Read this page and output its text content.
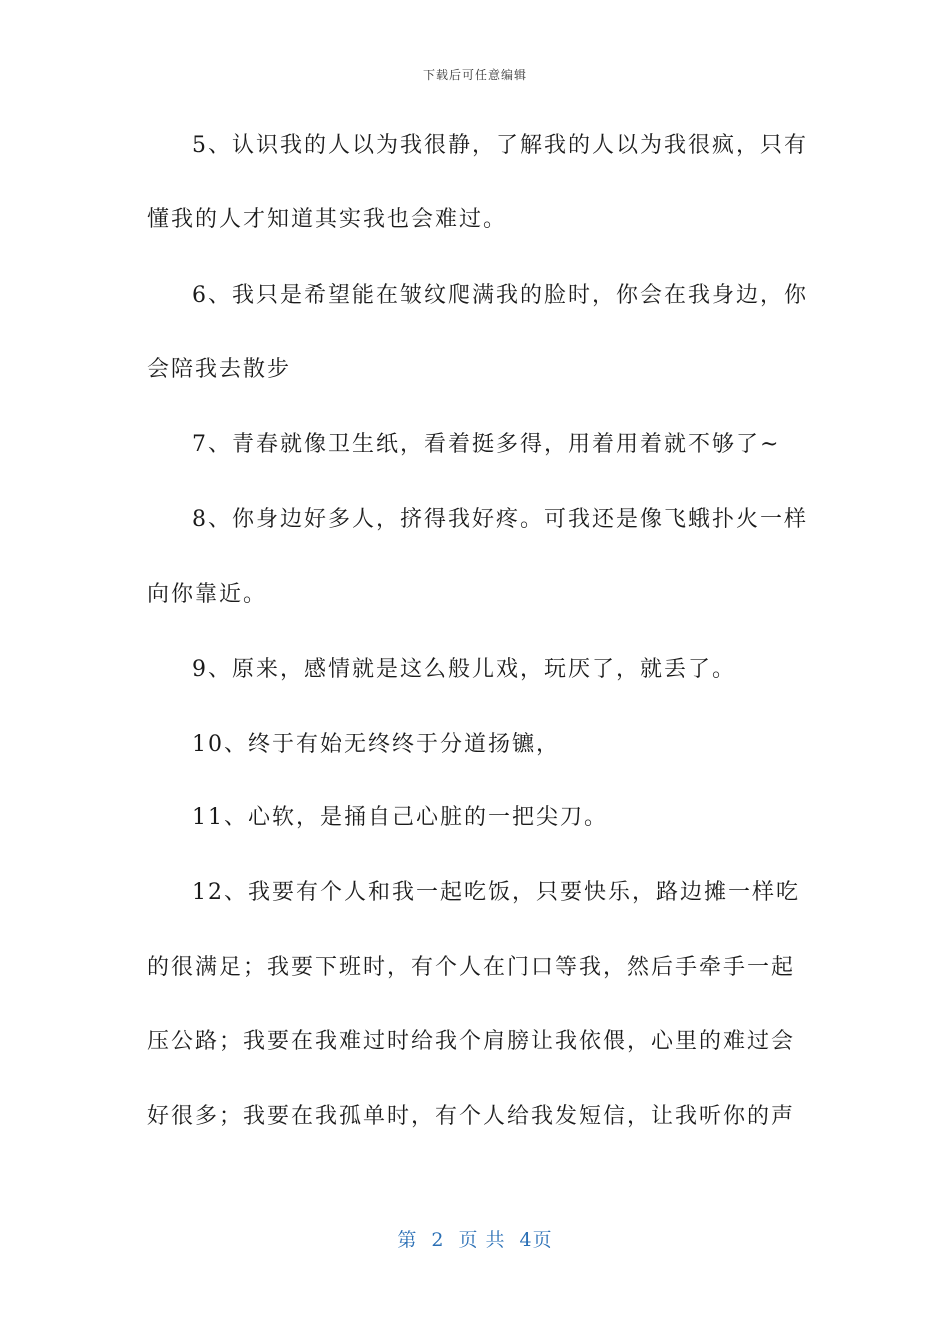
下载后可任意编辑
5、认识我的人以为我很静，了解我的人以为我很疯，只有
懂我的人才知道其实我也会难过。
6、我只是希望能在皱纹爬满我的脸时，你会在我身边，你
会陪我去散步
7、青春就像卫生纸，看着挺多得，用着用着就不够了~
8、你身边好多人，挤得我好疼。可我还是像飞蛾扑火一样
向你靠近。
9、原来，感情就是这么般儿戏，玩厌了，就丢了。
10、终于有始无终终于分道扬镳，
11、心软，是捅自己心脏的一把尖刀。
12、我要有个人和我一起吃饭，只要快乐，路边摊一样吃
的很满足；我要下班时，有个人在门口等我，然后手牵手一起
压公路；我要在我难过时给我个肩膀让我依偎，心里的难过会
好很多；我要在我孤单时，有个人给我发短信，让我听你的声
第 2 页 共 4页
